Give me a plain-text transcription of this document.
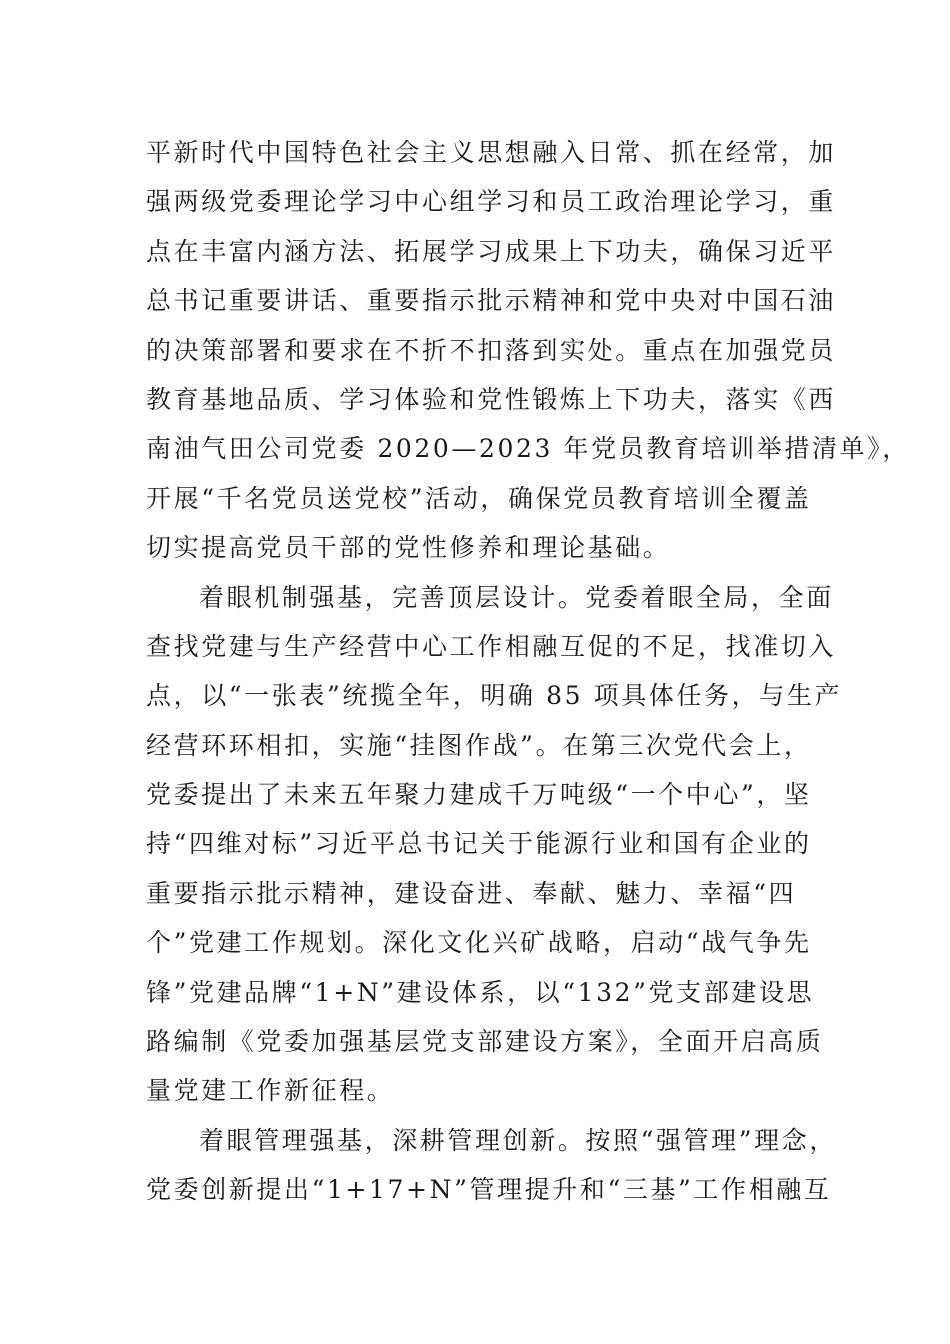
平新时代中国特色社会主义思想融入日常、抓在经常，加
强两级党委理论学习中心组学习和员工政治理论学习，重
点在丰富内涵方法、拓展学习成果上下功夫，确保习近平
总书记重要讲话、重要指示批示精神和党中央对中国石油
的决策部署和要求在不折不扣落到实处。重点在加强党员
教育基地品质、学习体验和党性锻炼上下功夫，落实《西
南油气田公司党委 2020—2023 年党员教育培训举措清单》，
开展“千名党员送党校”活动，确保党员教育培训全覆盖
切实提高党员干部的党性修养和理论基础。
着眼机制强基，完善顶层设计。党委着眼全局，全面
查找党建与生产经营中心工作相融互促的不足，找准切入
点，以“一张表”统揽全年，明确 85 项具体任务，与生产
经营环环相扣，实施“挂图作战”。在第三次党代会上，
党委提出了未来五年聚力建成千万吨级“一个中心”，坚
持“四维对标”习近平总书记关于能源行业和国有企业的
重要指示批示精神，建设奋进、奉献、魅力、幸福“四
个”党建工作规划。深化文化兴矿战略，启动“战气争先
锋”党建品牌“1+N”建设体系，以“132”党支部建设思
路编制《党委加强基层党支部建设方案》，全面开启高质
量党建工作新征程。
着眼管理强基，深耕管理创新。按照“强管理”理念，
党委创新提出“1+17+N”管理提升和“三基”工作相融互
